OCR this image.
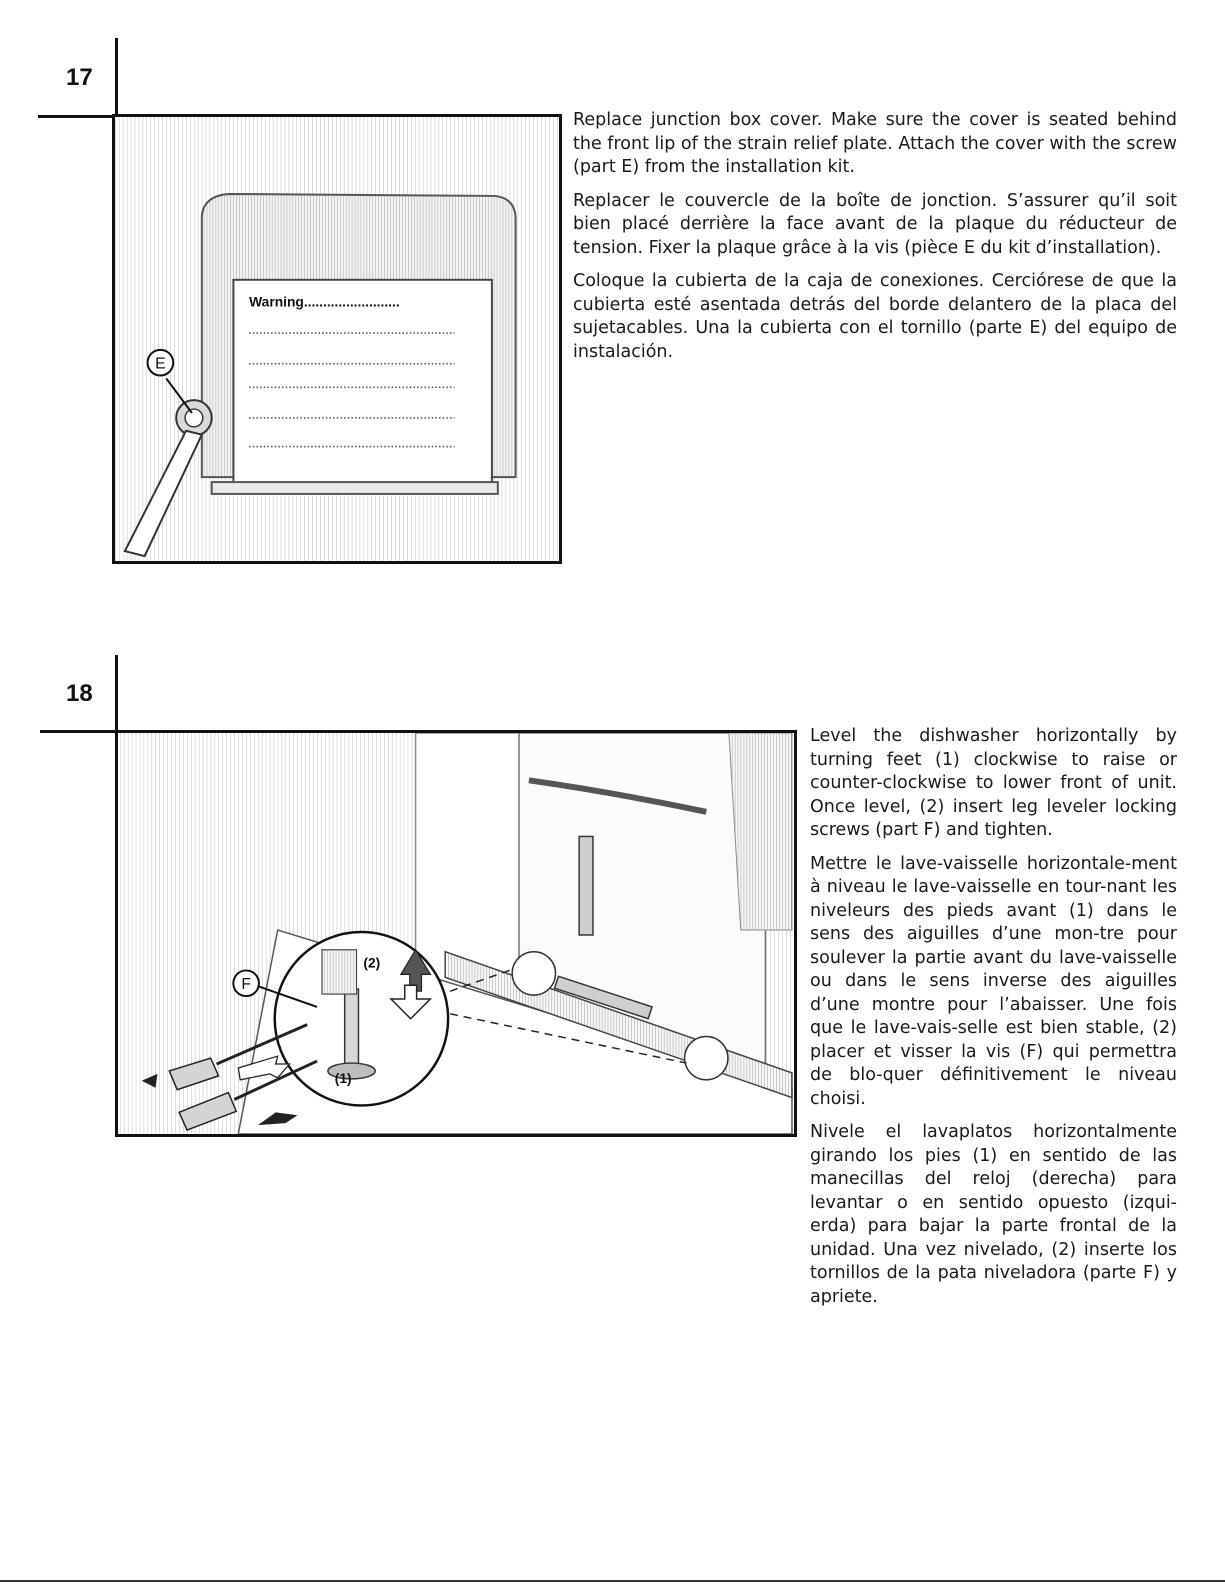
17
E
Warning.........................

Replace junction box cover. Make sure the cover is seated behind the front lip of the strain relief plate. Attach the cover with the screw (part E) from the installation kit.

Replacer le couvercle de la boîte de jonction. S’assurer qu’il soit bien placé derrière la face avant de la plaque du réducteur de tension. Fixer la plaque grâce à la vis (pièce E du kit d’installation).

Coloque la cubierta de la caja de conexiones. Cerciórese de que la cubierta esté asentada detrás del borde delantero de la placa del sujetacables. Una la cubierta con el tornillo (parte E) del equipo de instalación.

18
F
(2)
(1)

Level the dishwasher horizontally by turning feet (1) clockwise to raise or counter-clockwise to lower front of unit. Once level, (2) insert leg leveler locking screws (part F) and tighten.

Mettre le lave-vaisselle horizontale-ment à niveau le lave-vaisselle en tour-nant les niveleurs des pieds avant (1) dans le sens des aiguilles d’une mon-tre pour soulever la partie avant du lave-vaisselle ou dans le sens inverse des aiguilles d’une montre pour l’abaisser. Une fois que le lave-vais-selle est bien stable, (2) placer et visser la vis (F) qui permettra de blo-quer définitivement le niveau choisi.

Nivele el lavaplatos horizontalmente girando los pies (1) en sentido de las manecillas del reloj (derecha) para levantar o en sentido opuesto (izqui-erda) para bajar la parte frontal de la unidad. Una vez nivelado, (2) inserte los tornillos de la pata niveladora (parte F) y apriete.
